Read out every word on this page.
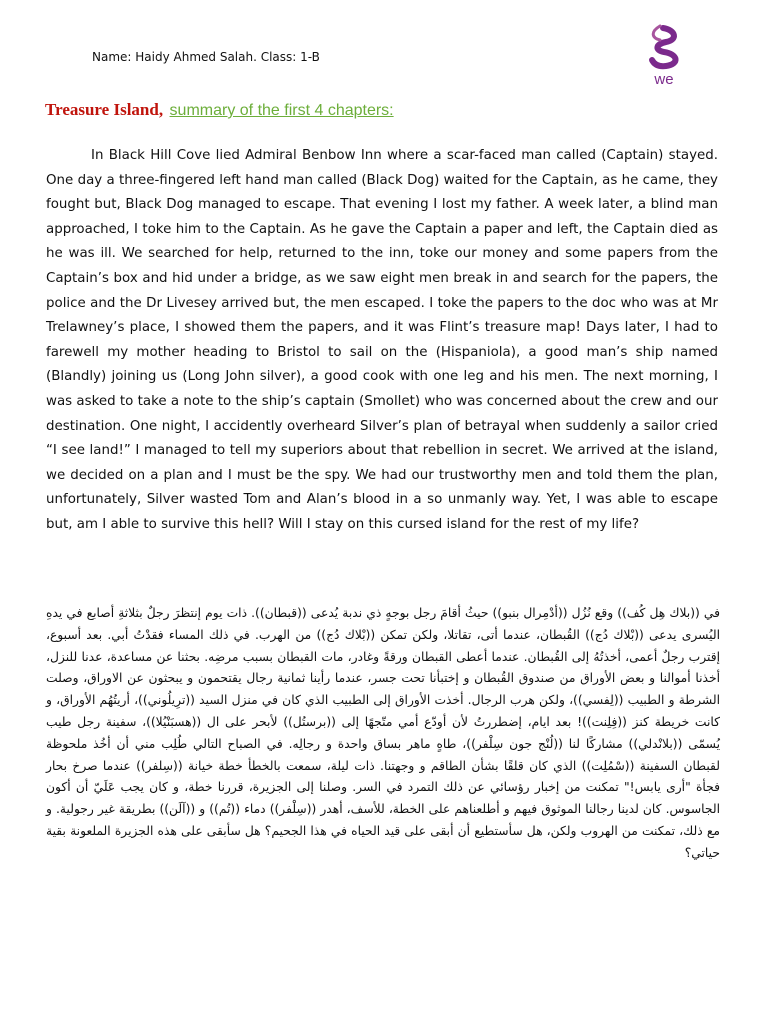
Name: Haidy Ahmed Salah. Class: 1-B
we
Treasure Island, summary of the first 4 chapters:

In Black Hill Cove lied Admiral Benbow Inn where a scar-faced man called (Captain) stayed. One day a three-fingered left hand man called (Black Dog) waited for the Captain, as he came, they fought but, Black Dog managed to escape. That evening I lost my father. A week later, a blind man approached, I toke him to the Captain. As he gave the Captain a paper and left, the Captain died as he was ill. We searched for help, returned to the inn, toke our money and some papers from the Captain’s box and hid under a bridge, as we saw eight men break in and search for the papers, the police and the Dr Livesey arrived but, the men escaped. I toke the papers to the doc who was at Mr Trelawney’s place, I showed them the papers, and it was Flint’s treasure map! Days later, I had to farewell my mother heading to Bristol to sail on the (Hispaniola), a good man’s ship named (Blandly) joining us (Long John silver), a good cook with one leg and his men. The next morning, I was asked to take a note to the ship’s captain (Smollet) who was concerned about the crew and our destination. One night, I accidently overheard Silver’s plan of betrayal when suddenly a sailor cried “I see land!” I managed to tell my superiors about that rebellion in secret. We arrived at the island, we decided on a plan and I must be the spy. We had our trustworthy men and told them the plan, unfortunately, Silver wasted Tom and Alan’s blood in a so unmanly way. Yet, I was able to escape but, am I able to survive this hell? Will I stay on this cursed island for the rest of my life?

في ((بلاك هِل كُف)) وقع نُزُل ((أدْمِرال بنبو)) حيثُ أقامَ رجل بوجهٍ ذي ندبة يُدعى ((قبطان)). ذات يوم إنتظرَ رجلٌ بثلاثةِ أصابع في يدهِ اليُسرى يدعى ((بْلاك دُج)) القُبطان، عندما أتى، تقاتلا، ولكن تمكن ((بْلاك دُج)) من الهرب. في ذلك المساء فقدْتُ أبي. بعد أسبوع، إقترب رجلٌ أعمى، أخذتُهُ إلى القُبطان. عندما أعطى القبطان ورقةً وغادر، مات القبطان بسبب مرضِه. بحثنا عن مساعدة، عدنا للنزل، أخذنا أموالنا و بعض الأوراق من صندوق القُبطان و إختبأنا تحت جسر، عندما رأينا ثمانية رجال يقتحمون و يبحثون عن الاوراق، وصلت الشرطة و الطبيب ((لِفسي))، ولكن هرب الرجال. أخذت الأوراق إلى الطبيب الذي كان في منزل السيد ((ترِيلُوني))، أريتُهُم الأوراق، و كانت خريطة كنز ((فِلِنت))! بعد ايام، إضطررتُ لأن أودّع أمي متّجهًا إلى ((برستُل)) لأبحر على ال ((هسبَنْيُلا))، سفينة رجل طيب يُسمّى ((بلانْدلي)) مشاركًا لنا ((لُنْج جون سِلْفر))، طاهٍ ماهر بساق واحدة و رجالِه. في الصباح التالي طُلِب مني أن أخُذ ملحوظة لقبطان السفينة ((سْمُلِت)) الذي كان قلقًا بشأن الطاقم و وجهتنا. ذات ليلة، سمعت بالخطأ خطة خيانة ((سِلفر)) عندما صرخ بحار فجأة "أرى يابس!" تمكنت من إخبار رؤسائي عن ذلك التمرد في السر. وصلنا إلى الجزيرة، قررنا خطة، و كان يجب عَلَيّ أن أكون الجاسوس. كان لدينا رجالنا الموثوق فيهم و أطلعناهم على الخطة، للأسف، أهدر ((سِلْفر)) دماء ((تُم)) و ((آلَن)) بطريقة غير رجولية. و مع ذلك، تمكنت من الهروب ولكن، هل سأستطيع أن أبقى على قيد الحياه في هذا الجحيم؟ هل سأبقى على هذه الجزيرة الملعونة بقية حياتي؟
